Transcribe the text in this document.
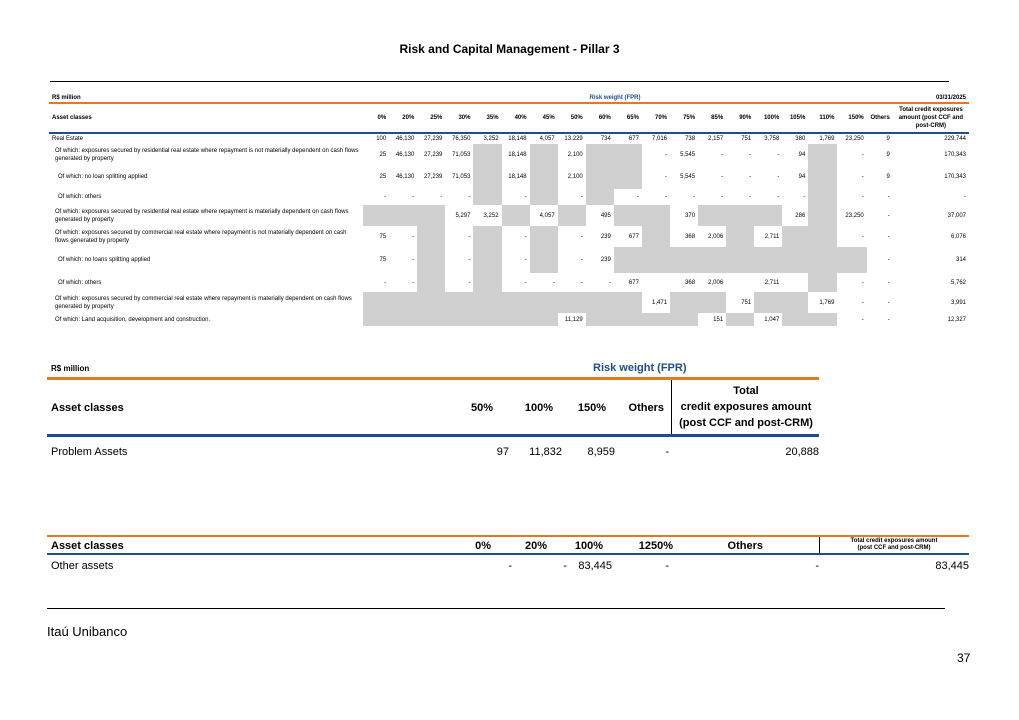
Risk and Capital Management - Pillar 3
R$ million	Risk weight (FPR)																		03/31/2025	

Asset classes	0%	20%	25%	30%	35%	40%	45%	50%	60%	65%	70%	75%	85%	90%	100%	105%	110%	150%	Others	Total credit exposures amount (post CCF and post-CRM)

Real Estate	100	46,130	27,239	76,350	3,252	18,148	4,057	13,229	734	677	7,016	738	2,157	751	3,758	380	1,769	23,250	9	229,744
Of which: exposures secured by residential real estate where repayment is not materially dependent on cash flows generated by property	25	46,130	27,239	71,053		18,148		2,100			-	5,545	-	-	-	94		-	9	170,343
Of which: no loan splitting applied	25	46,130	27,239	71,053		18,148		2,100			-	5,545	-	-	-	94		-	9	170,343
Of which: others	-	-	-	-		-		-		-	-	-	-	-	-	-		-	-	-
Of which: exposures secured by residential real estate where repayment is materially dependent on cash flows generated by property				5,297	3,252		4,057		495			370				286		23,250	-	37,007
Of which: exposures secured by commercial real estate where repayment is not materially dependent on cash flows generated by property	75	-		-		-		-	239	677		368	2,006		2,711			-	-	6,076
Of which: no loans splitting applied	75	-		-		-		-	239										-	314
Of which: others	-	-		-		-	-	-	-	677		368	2,006		2,711			-	-	5,762
Of which: exposures secured by commercial real estate where repayment is materially dependent on cash flows generated by property											1,471			751			1,769	-	-	3,991
Of which: Land acquisition, development and construction.								11,129					151		1,047			-	-	12,327
R$ million	Risk weight (FPR)
Asset classes	50%	100% 150% Others
Total
credit exposures amount
(post CCF and post-CRM)
Problem Assets	97 11,832 8,959	-	20,888
Asset classes	0%	20%	100%	1250%	Others	Total credit exposures amount
(post CCF and post-CRM)
Other assets	-	- 83,445	-	-	83,445
Itaú Unibanco
37
